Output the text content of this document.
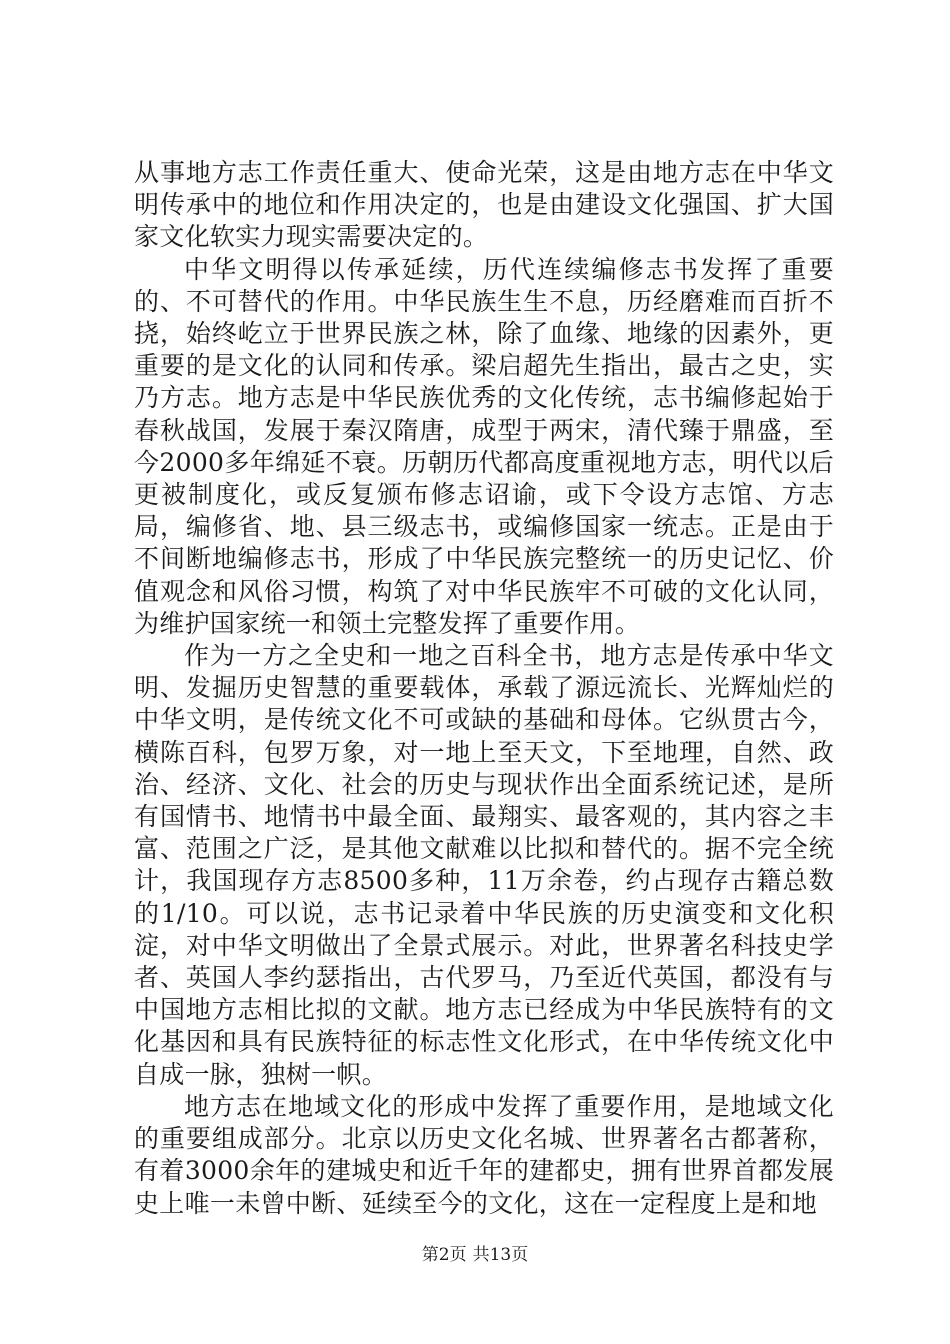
从事地方志工作责任重大、使命光荣，这是由地方志在中华文明传承中的地位和作用决定的，也是由建设文化强国、扩大国家文化软实力现实需要决定的。

中华文明得以传承延续，历代连续编修志书发挥了重要的、不可替代的作用。中华民族生生不息，历经磨难而百折不挠，始终屹立于世界民族之林，除了血缘、地缘的因素外，更重要的是文化的认同和传承。梁启超先生指出，最古之史，实乃方志。地方志是中华民族优秀的文化传统，志书编修起始于春秋战国，发展于秦汉隋唐，成型于两宋，清代臻于鼎盛，至今2000多年绵延不衰。历朝历代都高度重视地方志，明代以后更被制度化，或反复颁布修志诏谕，或下令设方志馆、方志局，编修省、地、县三级志书，或编修国家一统志。正是由于不间断地编修志书，形成了中华民族完整统一的历史记忆、价值观念和风俗习惯，构筑了对中华民族牢不可破的文化认同，为维护国家统一和领土完整发挥了重要作用。

作为一方之全史和一地之百科全书，地方志是传承中华文明、发掘历史智慧的重要载体，承载了源远流长、光辉灿烂的中华文明，是传统文化不可或缺的基础和母体。它纵贯古今，横陈百科，包罗万象，对一地上至天文，下至地理，自然、政治、经济、文化、社会的历史与现状作出全面系统记述，是所有国情书、地情书中最全面、最翔实、最客观的，其内容之丰富、范围之广泛，是其他文献难以比拟和替代的。据不完全统计，我国现存方志8500多种，11万余卷，约占现存古籍总数的1/10。可以说，志书记录着中华民族的历史演变和文化积淀，对中华文明做出了全景式展示。对此，世界著名科技史学者、英国人李约瑟指出，古代罗马，乃至近代英国，都没有与中国地方志相比拟的文献。地方志已经成为中华民族特有的文化基因和具有民族特征的标志性文化形式，在中华传统文化中自成一脉，独树一帜。

地方志在地域文化的形成中发挥了重要作用，是地域文化的重要组成部分。北京以历史文化名城、世界著名古都著称，有着3000余年的建城史和近千年的建都史，拥有世界首都发展史上唯一未曾中断、延续至今的文化，这在一定程度上是和地

第2页 共13页
